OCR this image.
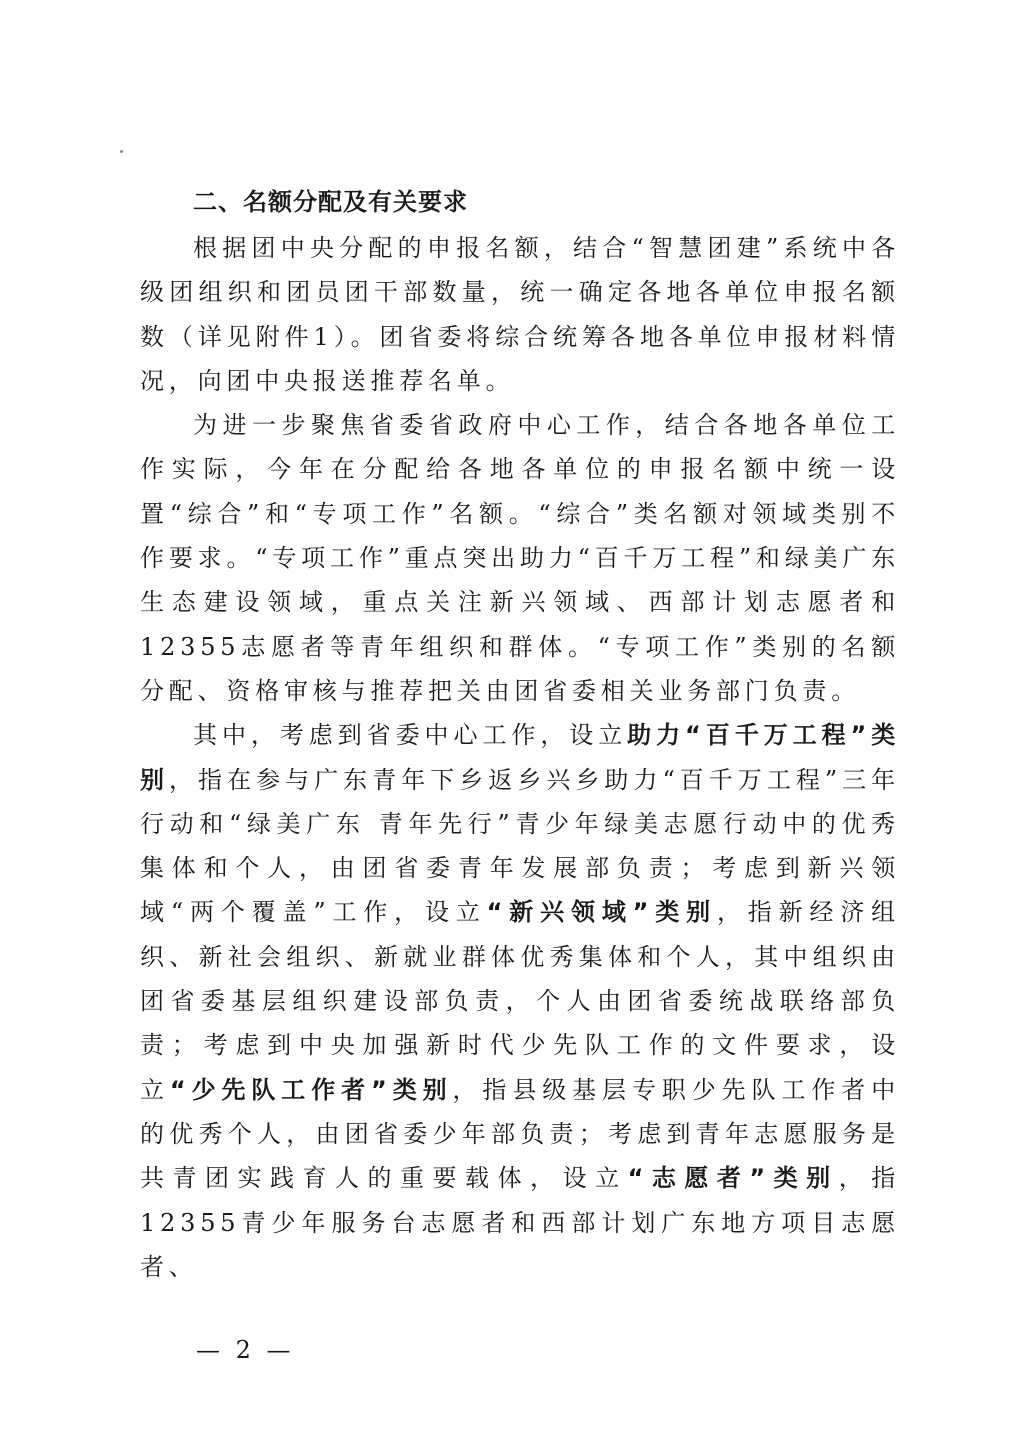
二、名额分配及有关要求

根据团中央分配的申报名额，结合“智慧团建”系统中各级团组织和团员团干部数量，统一确定各地各单位申报名额数（详见附件1）。团省委将综合统筹各地各单位申报材料情况，向团中央报送推荐名单。

为进一步聚焦省委省政府中心工作，结合各地各单位工作实际，今年在分配给各地各单位的申报名额中统一设置“综合”和“专项工作”名额。“综合”类名额对领域类别不作要求。“专项工作”重点突出助力“百千万工程”和绿美广东生态建设领域，重点关注新兴领域、西部计划志愿者和12355志愿者等青年组织和群体。“专项工作”类别的名额分配、资格审核与推荐把关由团省委相关业务部门负责。

其中，考虑到省委中心工作，设立助力“百千万工程”类别，指在参与广东青年下乡返乡兴乡助力“百千万工程”三年行动和“绿美广东 青年先行”青少年绿美志愿行动中的优秀集体和个人，由团省委青年发展部负责；考虑到新兴领域“两个覆盖”工作，设立“新兴领域”类别，指新经济组织、新社会组织、新就业群体优秀集体和个人，其中组织由团省委基层组织建设部负责，个人由团省委统战联络部负责；考虑到中央加强新时代少先队工作的文件要求，设立“少先队工作者”类别，指县级基层专职少先队工作者中的优秀个人，由团省委少年部负责；考虑到青年志愿服务是共青团实践育人的重要载体，设立“志愿者”类别，指12355青少年服务台志愿者和西部计划广东地方项目志愿者、

— 2 —
